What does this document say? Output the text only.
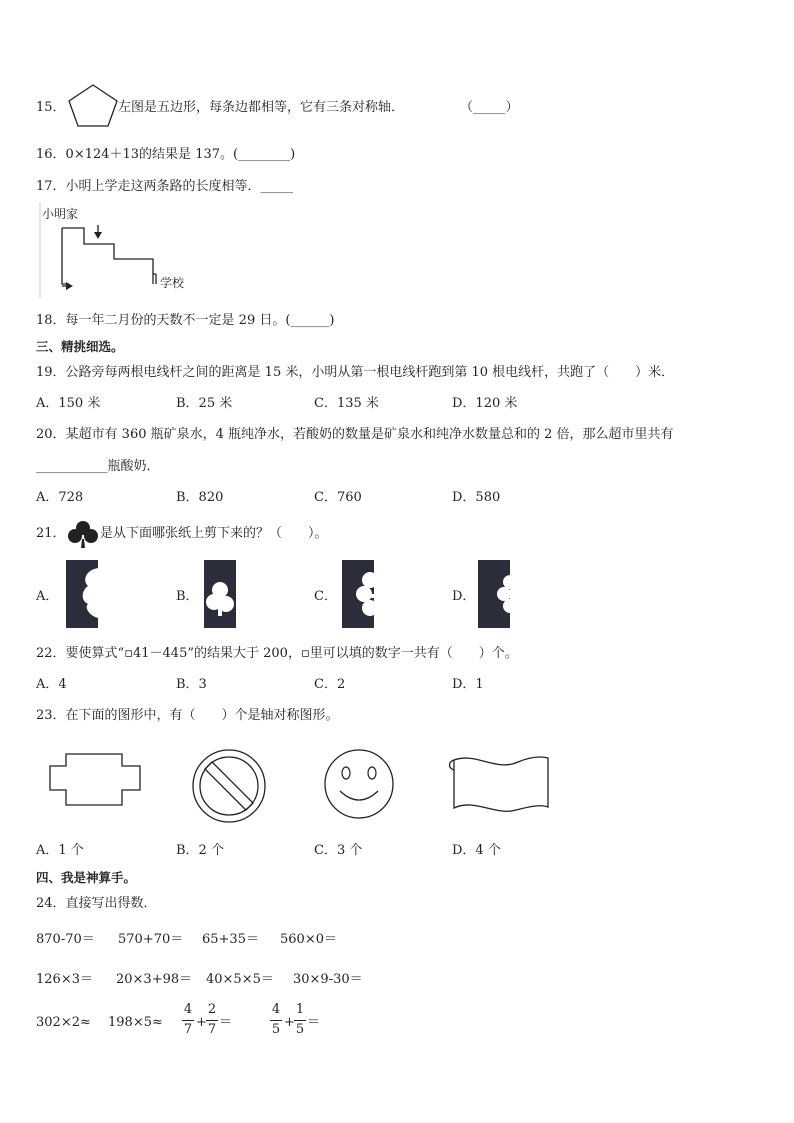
15．	左图是五边形，每条边都相等，它有三条对称轴．	（_____）
16．0×124＋13的结果是 137。(________)
17．小明上学走这两条路的长度相等．_____
小明家
学校
18．每一年二月份的天数不一定是 29 日。(______)
三、精挑细选。
19．公路旁每两根电线杆之间的距离是 15 米，小明从第一根电线杆跑到第 10 根电线杆，共跑了（　　）米．
A．150 米	B．25 米	C．135 米	D．120 米
20．某超市有 360 瓶矿泉水，4 瓶纯净水，若酸奶的数量是矿泉水和纯净水数量总和的 2 倍，那么超市里共有
___________瓶酸奶．
A．728	B．820	C．760	D．580
21．	是从下面哪张纸上剪下来的？（　　）。
A．	B．	C．	D．
22．要使算式“▫41－445”的结果大于 200，▫里可以填的数字一共有（　　）个。
A．4	B．3	C．2	D．1
23．在下面的图形中，有（　　）个是轴对称图形。
A．1 个	B．2 个	C．3 个	D．4 个
四、我是神算手。
24．直接写出得数．
870-70＝ 570+70＝ 65+35＝ 560×0＝
126×3＝ 20×3+98＝ 40×5×5＝ 30×9-30＝
302×2≈ 198×5≈
4
7 +
2
7 ＝
4
5 +
1
5 ＝
